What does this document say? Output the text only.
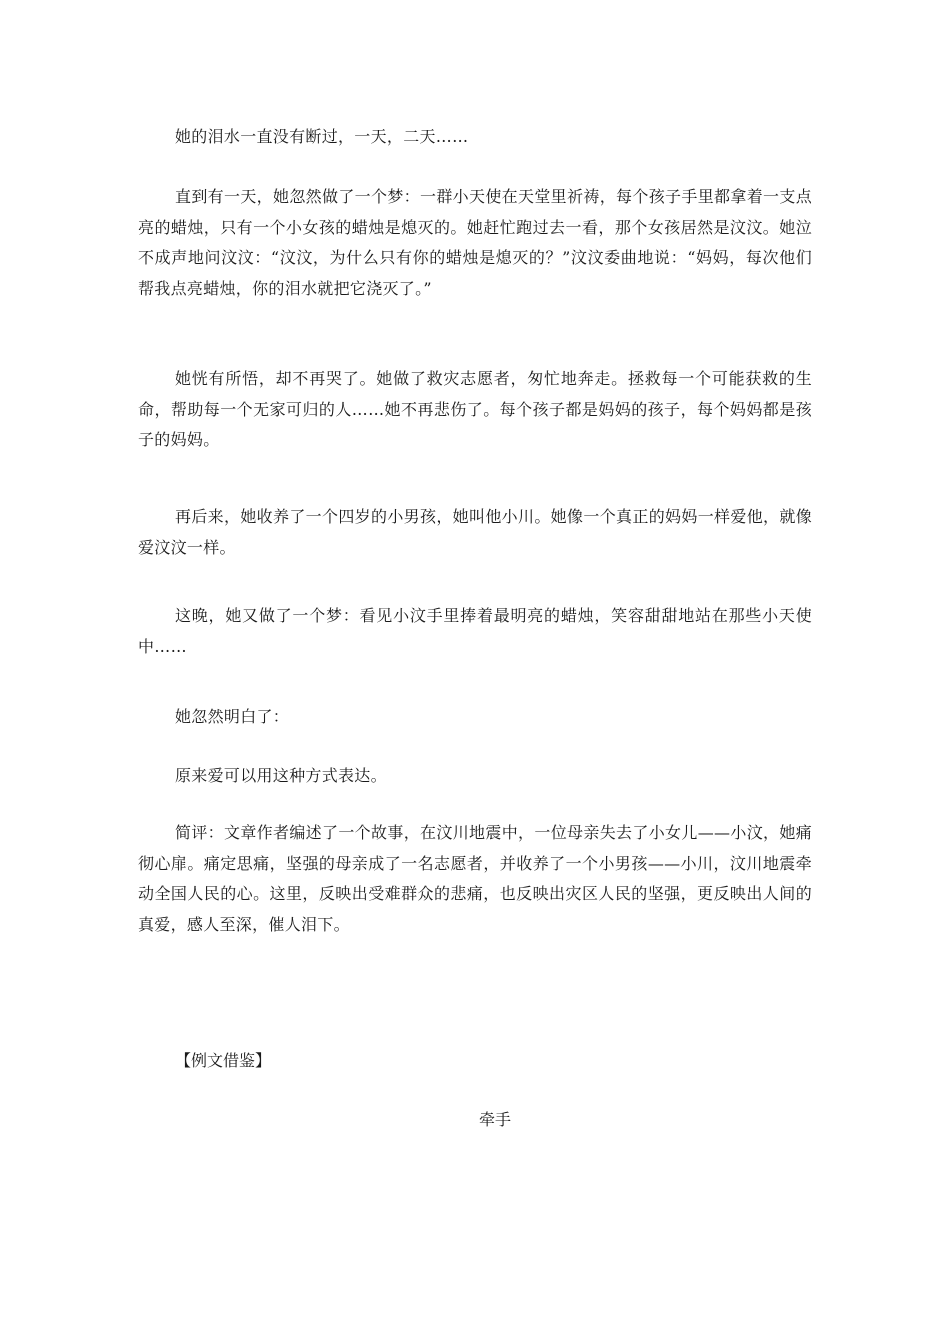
她的泪水一直没有断过，一天，二天……

直到有一天，她忽然做了一个梦：一群小天使在天堂里祈祷，每个孩子手里都拿着一支点亮的蜡烛，只有一个小女孩的蜡烛是熄灭的。她赶忙跑过去一看，那个女孩居然是汶汶。她泣不成声地问汶汶：“汶汶，为什么只有你的蜡烛是熄灭的？”汶汶委曲地说：“妈妈，每次他们帮我点亮蜡烛，你的泪水就把它浇灭了。”

她恍有所悟，却不再哭了。她做了救灾志愿者，匆忙地奔走。拯救每一个可能获救的生命，帮助每一个无家可归的人……她不再悲伤了。每个孩子都是妈妈的孩子，每个妈妈都是孩子的妈妈。

再后来，她收养了一个四岁的小男孩，她叫他小川。她像一个真正的妈妈一样爱他，就像爱汶汶一样。

这晚，她又做了一个梦：看见小汶手里捧着最明亮的蜡烛，笑容甜甜地站在那些小天使中……

她忽然明白了：

原来爱可以用这种方式表达。

简评：文章作者编述了一个故事，在汶川地震中，一位母亲失去了小女儿——小汶，她痛彻心扉。痛定思痛，坚强的母亲成了一名志愿者，并收养了一个小男孩——小川，汶川地震牵动全国人民的心。这里，反映出受难群众的悲痛，也反映出灾区人民的坚强，更反映出人间的真爱，感人至深，催人泪下。

【例文借鉴】

牵手
